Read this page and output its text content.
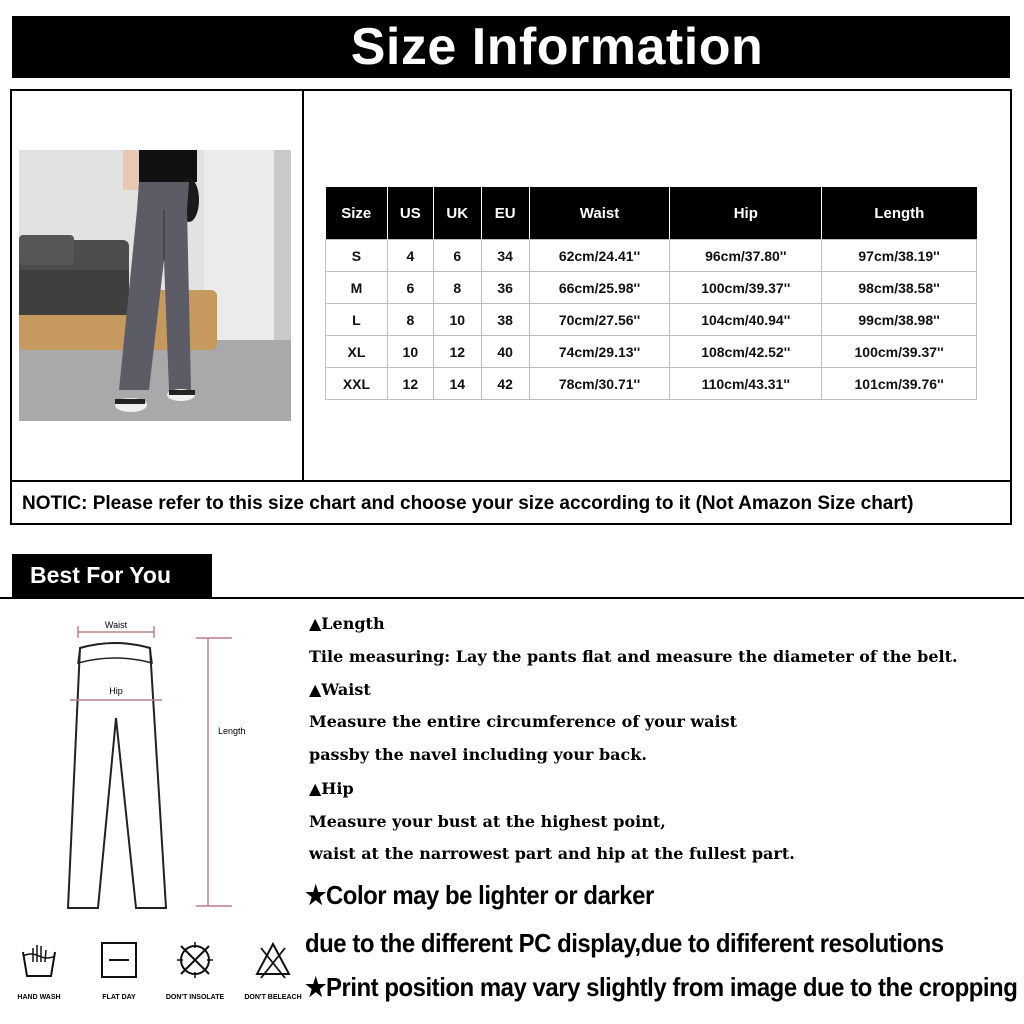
Size Information
Size	US	UK	EU	Waist	Hip	Length
S	4	6	34	62cm/24.41''	96cm/37.80''	97cm/38.19''
M	6	8	36	66cm/25.98''	100cm/39.37''	98cm/38.58''
L	8	10	38	70cm/27.56''	104cm/40.94''	99cm/38.98''
XL	10	12	40	74cm/29.13''	108cm/42.52''	100cm/39.37''
XXL	12	14	42	78cm/30.71''	110cm/43.31''	101cm/39.76''
NOTIC: Please refer to this size chart and choose your size according to it (Not Amazon Size chart)
Best For You
Waist
Hip
Length
HAND WASH	FLAT DAY	DON'T INSOLATE	DON'T BELEACH
▲Length
Tile measuring: Lay the pants flat and measure the diameter of the belt.
▲Waist
Measure the entire circumference of your waist
passby the navel including your back.
▲Hip
Measure your bust at the highest point,
waist at the narrowest part and hip at the fullest part.
★Color may be lighter or darker
due to the different PC display,due to dififerent resolutions
★Print position may vary slightly from image due to the cropping
